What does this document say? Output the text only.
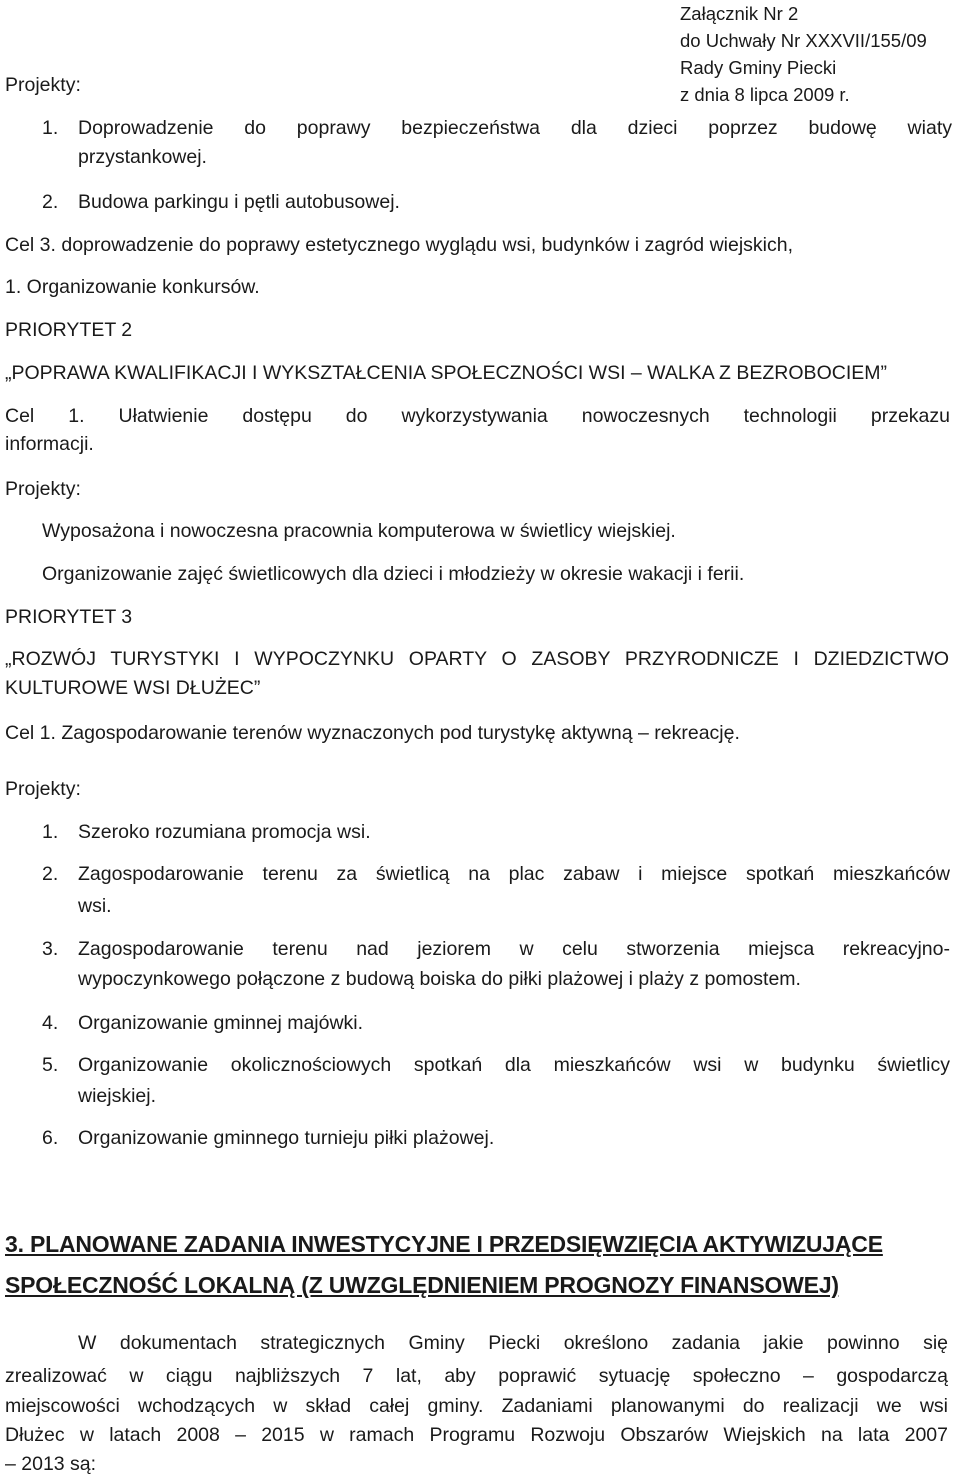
Załącznik Nr 2
do Uchwały Nr XXXVII/155/09
Rady Gminy Piecki
z dnia 8 lipca 2009 r.
Projekty:
1. Doprowadzenie do poprawy bezpieczeństwa dla dzieci poprzez budowę wiaty
przystankowej.
2. Budowa parkingu i pętli autobusowej.
Cel 3. doprowadzenie do poprawy estetycznego wyglądu wsi, budynków i zagród wiejskich,
1. Organizowanie konkursów.
PRIORYTET 2
„POPRAWA KWALIFIKACJI I WYKSZTAŁCENIA SPOŁECZNOŚCI WSI – WALKA Z BEZROBOCIEM”
Cel 1. Ułatwienie dostępu do wykorzystywania nowoczesnych technologii przekazu
informacji.
Projekty:
Wyposażona i nowoczesna pracownia komputerowa w świetlicy wiejskiej.
Organizowanie zajęć świetlicowych dla dzieci i młodzieży w okresie wakacji i ferii.
PRIORYTET 3
„ROZWÓJ TURYSTYKI I WYPOCZYNKU OPARTY O ZASOBY PRZYRODNICZE I DZIEDZICTWO
KULTUROWE WSI DŁUŻEC”
Cel 1. Zagospodarowanie terenów wyznaczonych pod turystykę aktywną – rekreację.
Projekty:
1. Szeroko rozumiana promocja wsi.
2. Zagospodarowanie terenu za świetlicą na plac zabaw i miejsce spotkań mieszkańców
wsi.
3. Zagospodarowanie terenu nad jeziorem w celu stworzenia miejsca rekreacyjno-
wypoczynkowego połączone z budową boiska do piłki plażowej i plaży z pomostem.
4. Organizowanie gminnej majówki.
5. Organizowanie okolicznościowych spotkań dla mieszkańców wsi w budynku świetlicy
wiejskiej.
6. Organizowanie gminnego turnieju piłki plażowej.
3. PLANOWANE ZADANIA INWESTYCYJNE I PRZEDSIĘWZIĘCIA AKTYWIZUJĄCE
SPOŁECZNOŚĆ LOKALNĄ (Z UWZGLĘDNIENIEM PROGNOZY FINANSOWEJ)
W dokumentach strategicznych Gminy Piecki określono zadania jakie powinno się
zrealizować w ciągu najbliższych 7 lat, aby poprawić sytuację społeczno – gospodarczą
miejscowości wchodzących w skład całej gminy. Zadaniami planowanymi do realizacji we wsi
Dłużec w latach 2008 – 2015 w ramach Programu Rozwoju Obszarów Wiejskich na lata 2007
– 2013 są:
